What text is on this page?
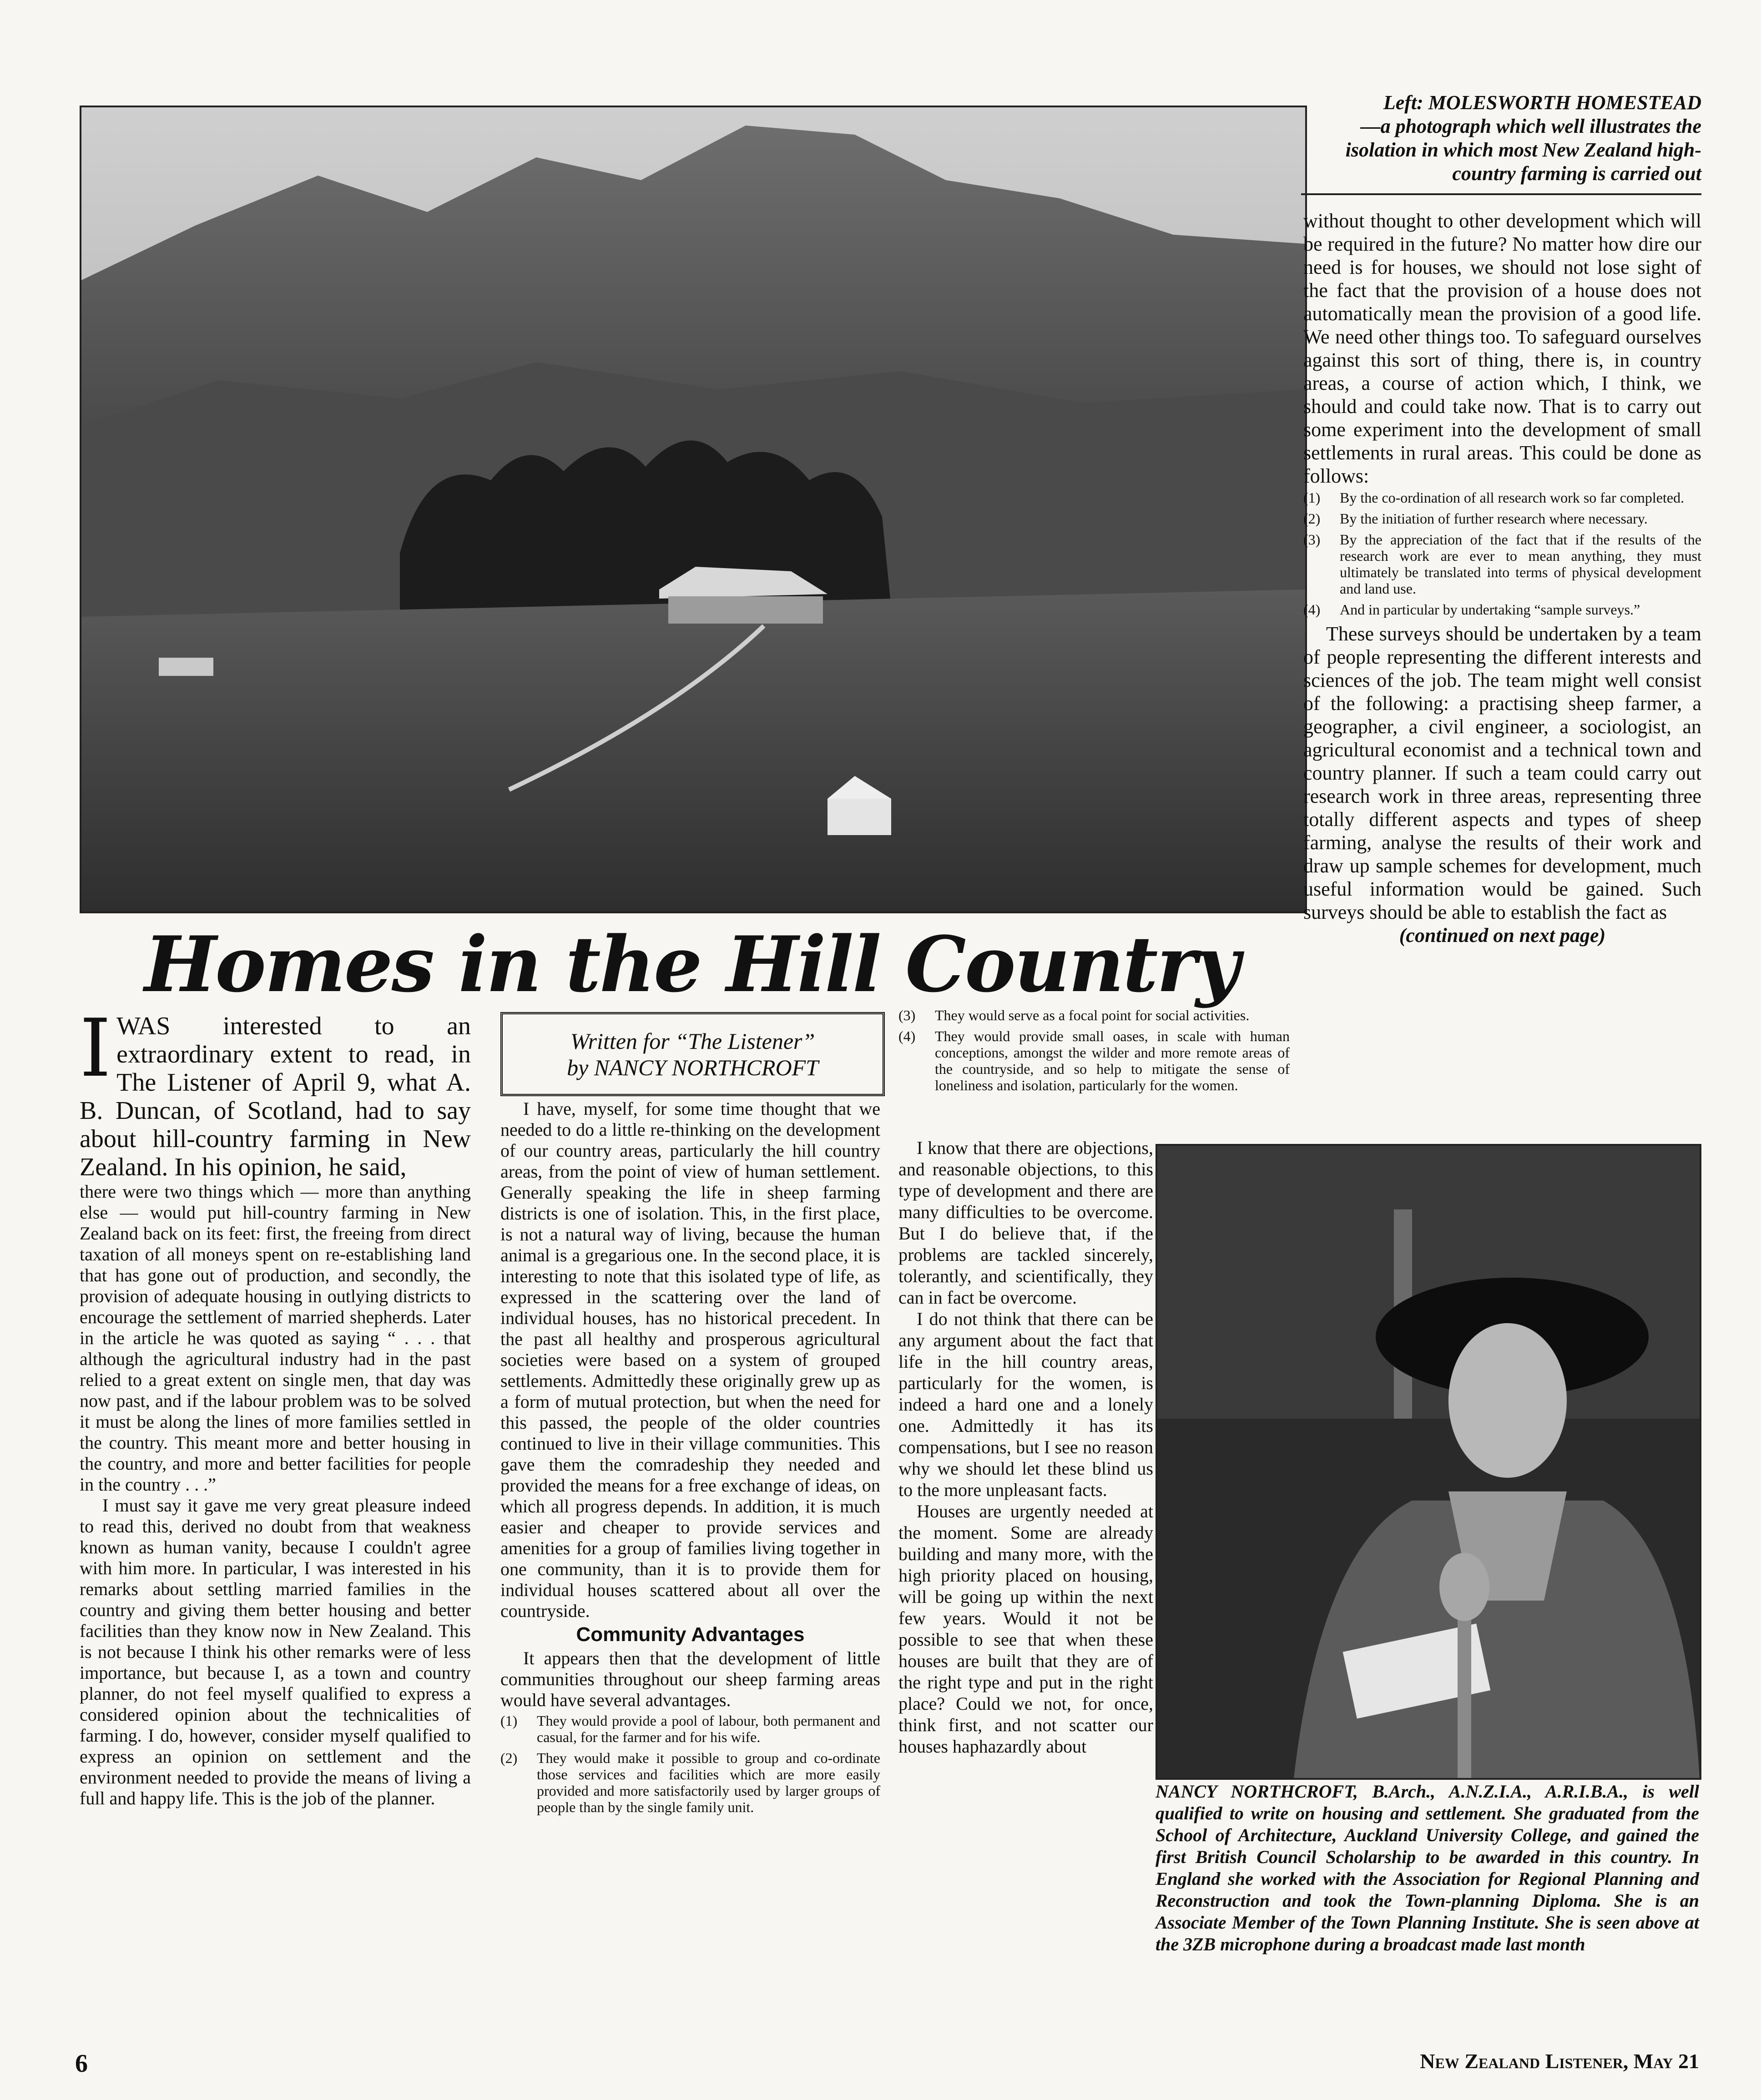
Left: MOLESWORTH HOMESTEAD
—a photograph which well illustrates the isolation in which most New Zealand high-country farming is carried out

without thought to other development which will be required in the future? No matter how dire our need is for houses, we should not lose sight of the fact that the provision of a house does not automatically mean the provision of a good life. We need other things too. To safeguard ourselves against this sort of thing, there is, in country areas, a course of action which, I think, we should and could take now. That is to carry out some experiment into the development of small settlements in rural areas. This could be done as follows:

(1)	By the co-ordination of all research work so far completed.
(2)	By the initiation of further research where necessary.
(3)	By the appreciation of the fact that if the results of the research work are ever to mean anything, they must ultimately be translated into terms of physical development and land use.
(4)	And in particular by undertaking “sample surveys.”

These surveys should be undertaken by a team of people representing the different interests and sciences of the job. The team might well consist of the following: a practising sheep farmer, a geographer, a civil engineer, a sociologist, an agricultural economist and a technical town and country planner. If such a team could carry out research work in three areas, representing three totally different aspects and types of sheep farming, analyse the results of their work and draw up sample schemes for development, much useful information would be gained. Such surveys should be able to establish the fact as

(continued on next page)

Homes in the Hill Country

IWAS interested to an extraordinary extent to read, in The Listener of April 9, what A. B. Duncan, of Scotland, had to say about hill-country farming in New Zealand. In his opinion, he said,

there were two things which — more than anything else — would put hill-country farming in New Zealand back on its feet: first, the freeing from direct taxation of all moneys spent on re-establishing land that has gone out of production, and secondly, the provision of adequate housing in outlying districts to encourage the settlement of married shepherds. Later in the article he was quoted as saying “ . . . that although the agricultural industry had in the past relied to a great extent on single men, that day was now past, and if the labour problem was to be solved it must be along the lines of more families settled in the country. This meant more and better housing in the country, and more and better facilities for people in the country . . .”

I must say it gave me very great pleasure indeed to read this, derived no doubt from that weakness known as human vanity, because I couldn't agree with him more. In particular, I was interested in his remarks about settling married families in the country and giving them better housing and better facilities than they know now in New Zealand. This is not because I think his other remarks were of less importance, but because I, as a town and country planner, do not feel myself qualified to express a considered opinion about the technicalities of farming. I do, however, consider myself qualified to express an opinion on settlement and the environment needed to provide the means of living a full and happy life. This is the job of the planner.

Written for “The Listener”
by NANCY NORTHCROFT

I have, myself, for some time thought that we needed to do a little re-thinking on the development of our country areas, particularly the hill country areas, from the point of view of human settlement. Generally speaking the life in sheep farming districts is one of isolation. This, in the first place, is not a natural way of living, because the human animal is a gregarious one. In the second place, it is interesting to note that this isolated type of life, as expressed in the scattering over the land of individual houses, has no historical precedent. In the past all healthy and prosperous agricultural societies were based on a system of grouped settlements. Admittedly these originally grew up as a form of mutual protection, but when the need for this passed, the people of the older countries continued to live in their village communities. This gave them the comradeship they needed and provided the means for a free exchange of ideas, on which all progress depends. In addition, it is much easier and cheaper to provide services and amenities for a group of families living together in one community, than it is to provide them for individual houses scattered about all over the countryside.

Community Advantages

It appears then that the development of little communities throughout our sheep farming areas would have several advantages.

(1)	They would provide a pool of labour, both permanent and casual, for the farmer and for his wife.
(2)	They would make it possible to group and co-ordinate those services and facilities which are more easily provided and more satisfactorily used by larger groups of people than by the single family unit.
(3)	They would serve as a focal point for social activities.
(4)	They would provide small oases, in scale with human conceptions, amongst the wilder and more remote areas of the countryside, and so help to mitigate the sense of loneliness and isolation, particularly for the women.

I know that there are objections, and reasonable objections, to this type of development and there are many difficulties to be overcome. But I do believe that, if the problems are tackled sincerely, tolerantly, and scientifically, they can in fact be overcome.

I do not think that there can be any argument about the fact that life in the hill country areas, particularly for the women, is indeed a hard one and a lonely one. Admittedly it has its compensations, but I see no reason why we should let these blind us to the more unpleasant facts.

Houses are urgently needed at the moment. Some are already building and many more, with the high priority placed on housing, will be going up within the next few years. Would it not be possible to see that when these houses are built that they are of the right type and put in the right place? Could we not, for once, think first, and not scatter our houses haphazardly about

NANCY NORTHCROFT, B.Arch., A.N.Z.I.A., A.R.I.B.A., is well qualified to write on housing and settlement. She graduated from the School of Architecture, Auckland University College, and gained the first British Council Scholarship to be awarded in this country. In England she worked with the Association for Regional Planning and Reconstruction and took the Town-planning Diploma. She is an Associate Member of the Town Planning Institute. She is seen above at the 3ZB microphone during a broadcast made last month
6	New Zealand Listener, May 21
